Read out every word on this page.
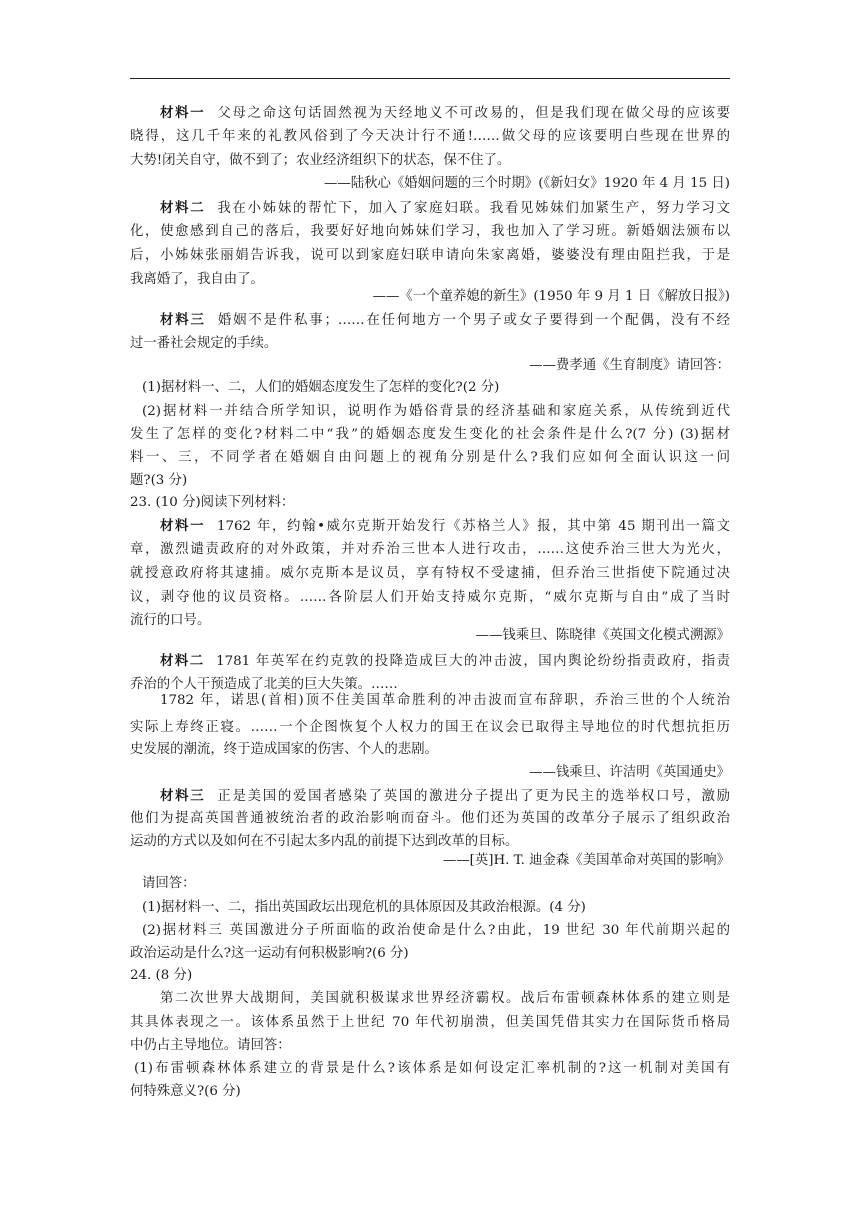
材料一 父母之命这句话固然视为天经地义不可改易的，但是我们现在做父母的应该要
晓得，这几千年来的礼教风俗到了今天决计行不通!……做父母的应该要明白些现在世界的
大势!闭关自守，做不到了；农业经济组织下的状态，保不住了。
——陆秋心《婚姻问题的三个时期》(《新妇女》1920 年 4 月 15 日)
材料二 我在小姊妹的帮忙下，加入了家庭妇联。我看见姊妹们加紧生产，努力学习文
化，使愈感到自己的落后，我要好好地向姊妹们学习，我也加入了学习班。新婚姻法颁布以
后，小姊妹张丽娟告诉我，说可以到家庭妇联申请向朱家离婚，婆婆没有理由阻拦我，于是
我离婚了，我自由了。
——《一个童养媳的新生》(1950 年 9 月 1 日《解放日报》)
材料三 婚姻不是件私事；……在任何地方一个男子或女子要得到一个配偶，没有不经
过一番社会规定的手续。
——费孝通《生育制度》请回答：
(1)据材料一、二，人们的婚姻态度发生了怎样的变化?(2 分)
(2)据材料一并结合所学知识，说明作为婚俗背景的经济基础和家庭关系，从传统到近代
发生了怎样的变化?材料二中“我”的婚姻态度发生变化的社会条件是什么?(7 分) (3)据材
料一、三，不同学者在婚姻自由问题上的视角分别是什么?我们应如何全面认识这一问
题?(3 分)
23. (10 分)阅读下列材料：
材料一 1762 年，约翰•威尔克斯开始发行《苏格兰人》报，其中第 45 期刊出一篇文
章，激烈谴责政府的对外政策，并对乔治三世本人进行攻击，……这使乔治三世大为光火，
就授意政府将其逮捕。威尔克斯本是议员，享有特权不受逮捕，但乔治三世指使下院通过决
议，剥夺他的议员资格。……各阶层人们开始支持威尔克斯，“威尔克斯与自由”成了当时
流行的口号。
——钱乘旦、陈晓律《英国文化模式溯源》
材料二 1781 年英军在约克敦的投降造成巨大的冲击波，国内舆论纷纷指责政府，指责
乔治的个人干预造成了北美的巨大失策。……
1782 年，诺思(首相)顶不住美国革命胜利的冲击波而宣布辞职，乔治三世的个人统治
实际上寿终正寝。……一个企图恢复个人权力的国王在议会已取得主导地位的时代想抗拒历
史发展的潮流，终于造成国家的伤害、个人的悲剧。
——钱乘旦、许洁明《英国通史》
材料三 正是美国的爱国者感染了英国的激进分子提出了更为民主的选举权口号，激励
他们为提高英国普通被统治者的政治影响而奋斗。他们还为英国的改革分子展示了组织政治
运动的方式以及如何在不引起太多内乱的前提下达到改革的目标。
——[英]H. T. 迪金森《美国革命对英国的影响》
请回答：
(1)据材料一、二，指出英国政坛出现危机的具体原因及其政治根源。(4 分)
(2)据材料三 英国激进分子所面临的政治使命是什么?由此，19 世纪 30 年代前期兴起的
政治运动是什么?这一运动有何积极影响?(6 分)
24. (8 分)
第二次世界大战期间，美国就积极谋求世界经济霸权。战后布雷顿森林体系的建立则是
其具体表现之一。该体系虽然于上世纪 70 年代初崩溃，但美国凭借其实力在国际货币格局
中仍占主导地位。请回答：
(1)布雷顿森林体系建立的背景是什么?该体系是如何设定汇率机制的?这一机制对美国有
何特殊意义?(6 分)
